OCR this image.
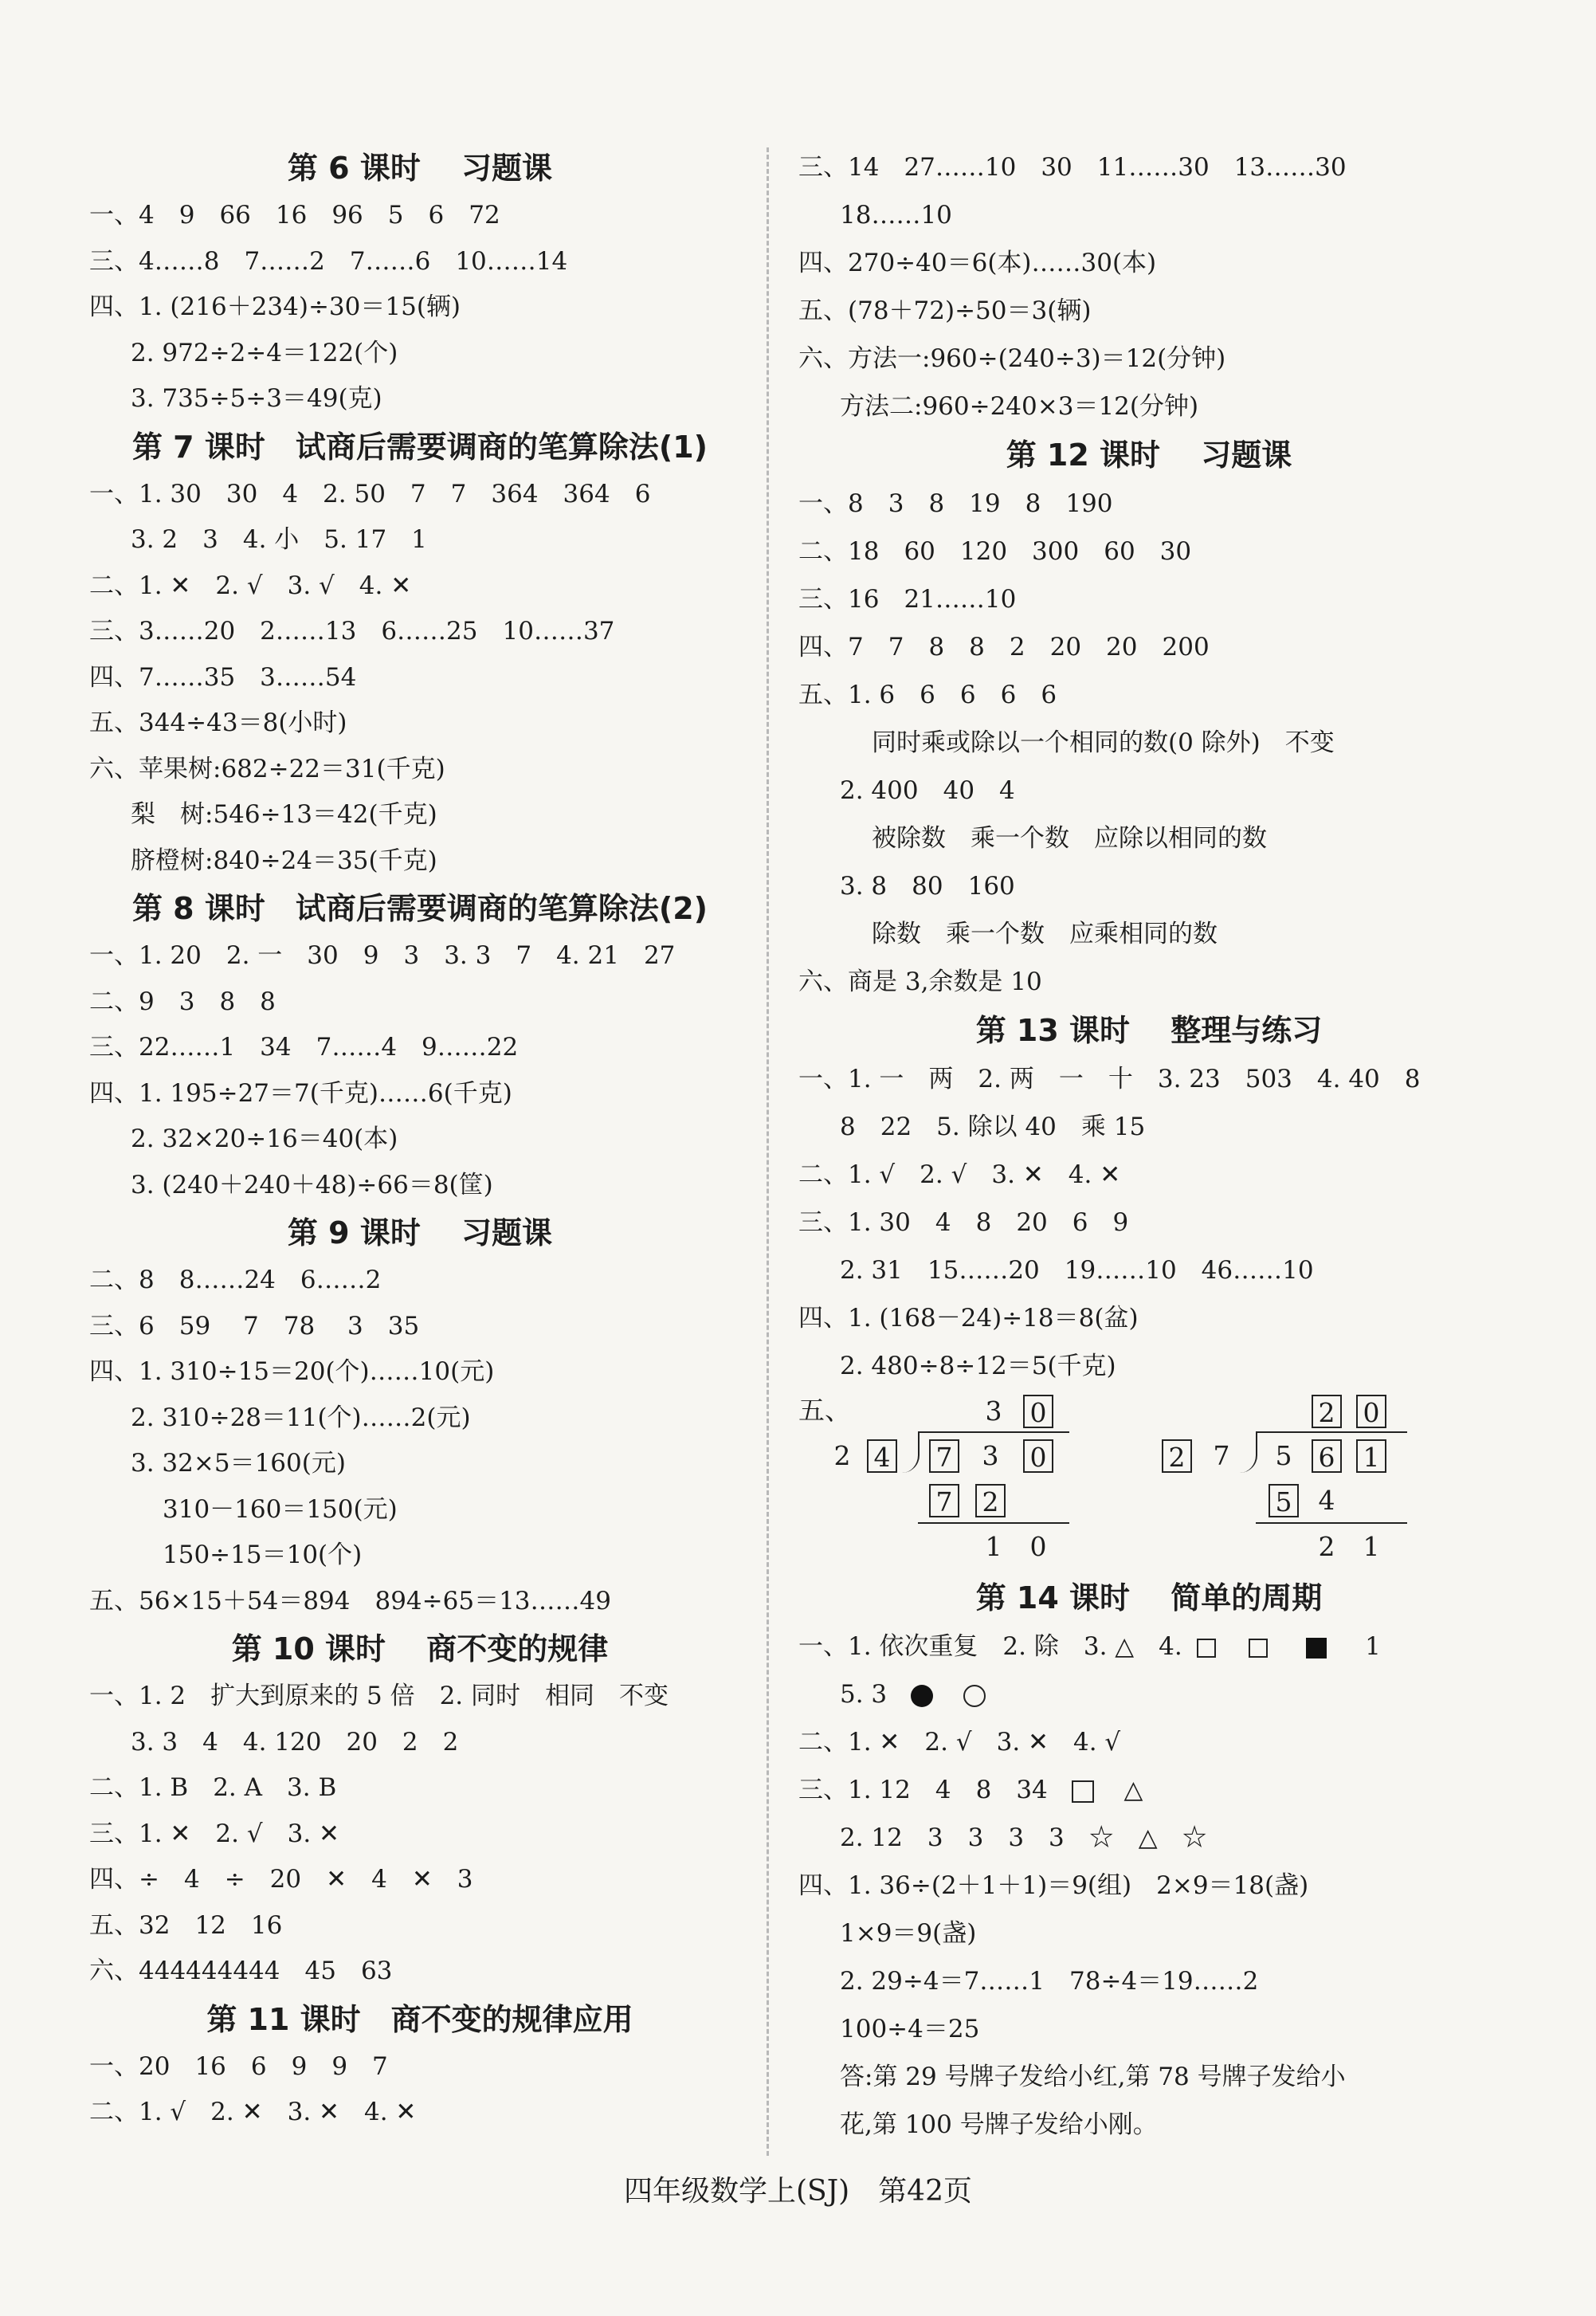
第 6 课时　 习题课
一、4　9　66　16　96　5　6　72
三、4……8　7……2　7……6　10……14
四、1. (216＋234)÷30＝15(辆)
2. 972÷2÷4＝122(个)
3. 735÷5÷3＝49(克)
第 7 课时　试商后需要调商的笔算除法(1)
一、1. 30　30　4　2. 50　7　7　364　364　6
3. 2　3　4. 小　5. 17　1
二、1. ✕　2. √　3. √　4. ✕
三、3……20　2……13　6……25　10……37
四、7……35　3……54
五、344÷43＝8(小时)
六、苹果树:682÷22＝31(千克)
梨　树:546÷13＝42(千克)
脐橙树:840÷24＝35(千克)
第 8 课时　试商后需要调商的笔算除法(2)
一、1. 20　2. 一　30　9　3　3. 3　7　4. 21　27
二、9　3　8　8
三、22……1　34　7……4　9……22
四、1. 195÷27＝7(千克)……6(千克)
2. 32×20÷16＝40(本)
3. (240＋240＋48)÷66＝8(筐)
第 9 课时　 习题课
二、8　8……24　6……2
三、6　59　 7　78　 3　35
四、1. 310÷15＝20(个)……10(元)
2. 310÷28＝11(个)……2(元)
3. 32×5＝160(元)
310－160＝150(元)
150÷15＝10(个)
五、56×15＋54＝894　894÷65＝13……49
第 10 课时　 商不变的规律
一、1. 2　扩大到原来的 5 倍　2. 同时　相同　不变
3. 3　4　4. 120　20　2　2
二、1. B　2. A　3. B
三、1. ✕　2. √　3. ✕
四、÷　4　÷　20　✕　4　✕　3
五、32　12　16
六、444444444　45　63
第 11 课时　商不变的规律应用
一、20　16　6　9　9　7
二、1. √　2. ✕　3. ✕　4. ✕
三、14　27……10　30　11……30　13……30
18……10
四、270÷40＝6(本)……30(本)
五、(78＋72)÷50＝3(辆)
六、方法一:960÷(240÷3)＝12(分钟)
方法二:960÷240×3＝12(分钟)
第 12 课时　 习题课
一、8　3　8　19　8　190
二、18　60　120　300　60　30
三、16　21……10
四、7　7　8　8　2　20　20　200
五、1. 6　6　6　6　6
同时乘或除以一个相同的数(0 除外)　不变
2. 400　40　4
被除数　乘一个数　应除以相同的数
3. 8　80　160
除数　乘一个数　应乘相同的数
六、商是 3,余数是 10
第 13 课时　 整理与练习
一、1. 一　两　2. 两　一　十　3. 23　503　4. 40　8
8　22　5. 除以 40　乘 15
二、1. √　2. √　3. ✕　4. ✕
三、1. 30　4　8　20　6　9
2. 31　15……20　19……10　46……10
四、1. (168－24)÷18＝8(盆)
2. 480÷8÷12＝5(千克)
五、	3 0
2 4 7 3 0
7 2
1 0
2 0
2 7 5 6 1
5 4
2 1
第 14 课时　 简单的周期
一、1. 依次重复　2. 除　3. △　4.	1
5. 3
二、1. ✕　2. √　3. ✕　4. √
三、1. 12　4　8　34	△
2. 12　3　3　3　3　☆　△　☆
四、1. 36÷(2＋1＋1)＝9(组)　2×9＝18(盏)
1×9＝9(盏)
2. 29÷4＝7……1　78÷4＝19……2
100÷4＝25
答:第 29 号牌子发给小红,第 78 号牌子发给小
花,第 100 号牌子发给小刚。
四年级数学上(SJ)　第42页
